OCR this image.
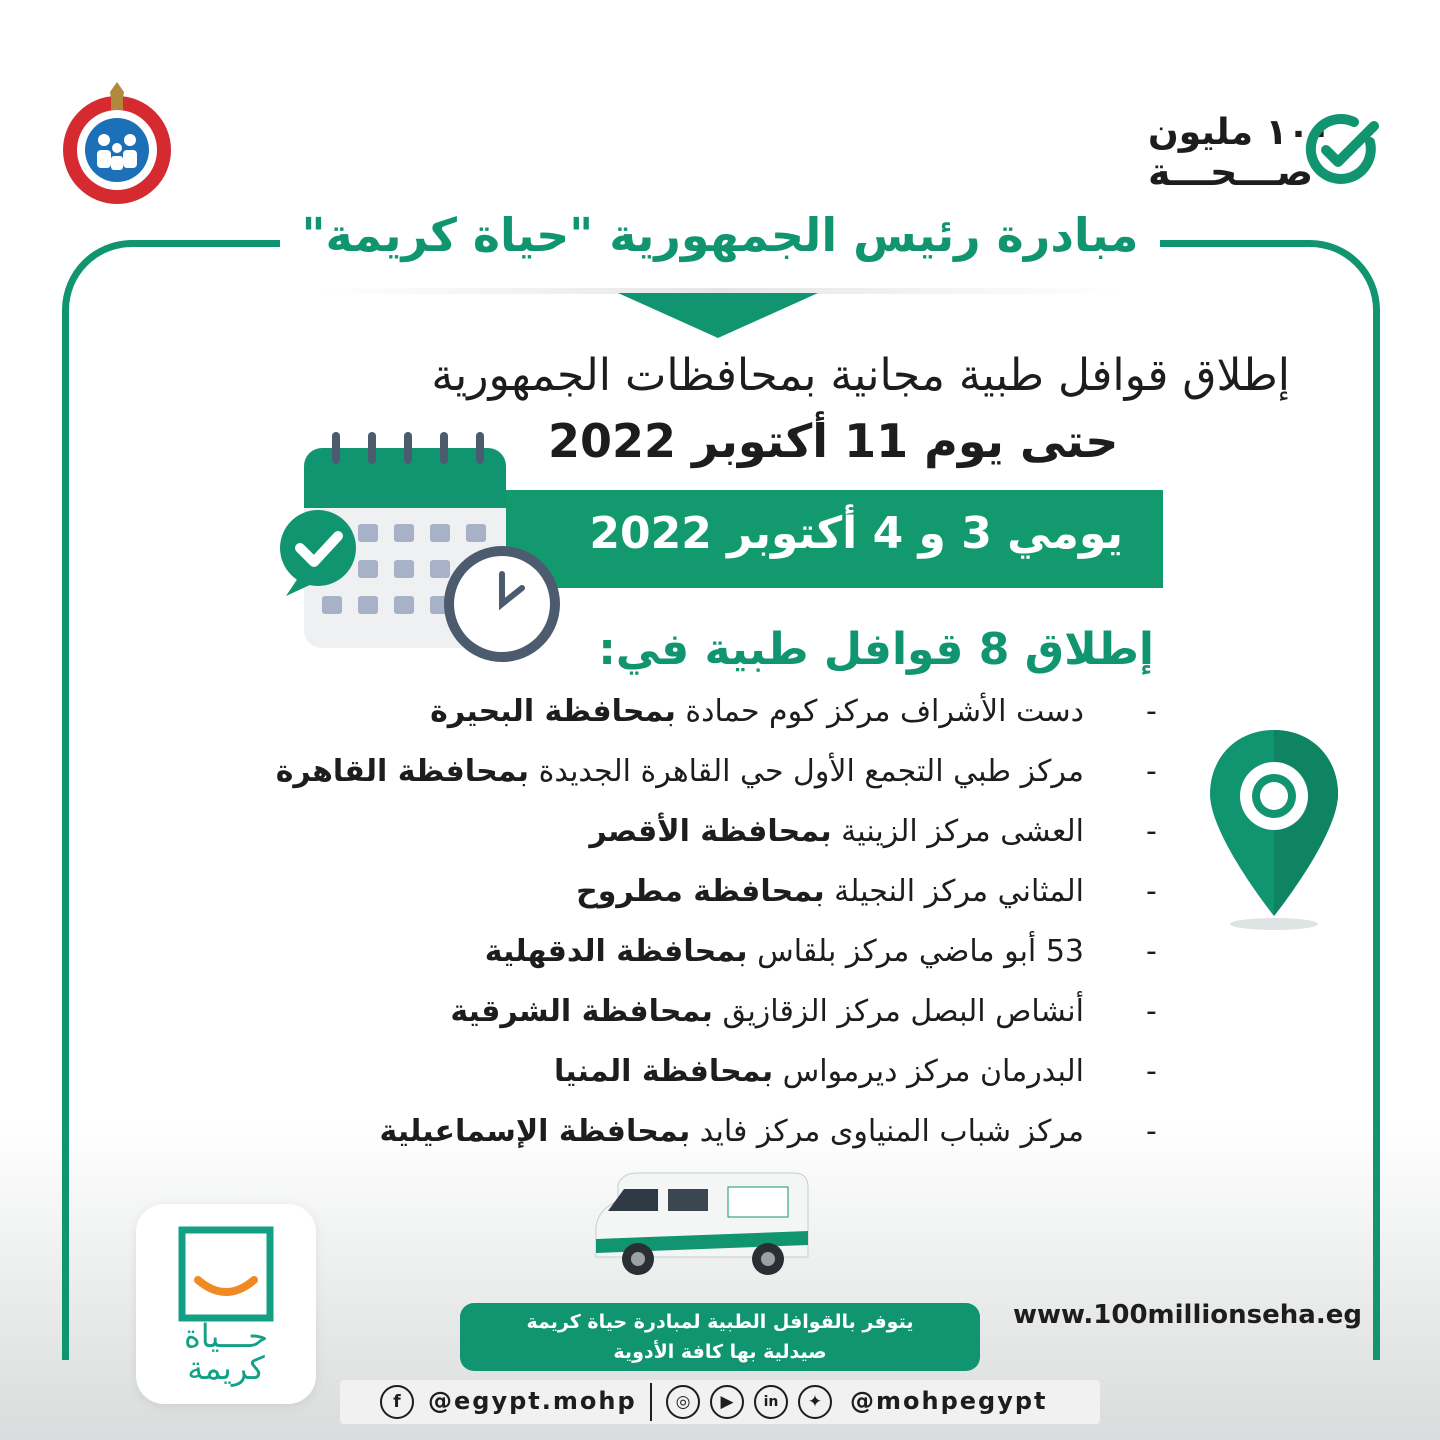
١٠٠ مليون
صـــحـــة
مبادرة رئيس الجمهورية "حياة كريمة"
إطلاق قوافل طبية مجانية بمحافظات الجمهورية
حتى يوم 11 أكتوبر 2022
يومي 3 و 4 أكتوبر 2022
إطلاق 8 قوافل طبية في:
دست الأشراف مركز كوم حمادة بمحافظة البحيرة	-
مركز طبي التجمع الأول حي القاهرة الجديدة بمحافظة القاهرة	-
العشى مركز الزينية بمحافظة الأقصر	-
المثاني مركز النجيلة بمحافظة مطروح	-
53 أبو ماضي مركز بلقاس بمحافظة الدقهلية	-
أنشاص البصل مركز الزقازيق بمحافظة الشرقية	-
البدرمان مركز ديرمواس بمحافظة المنيا	-
مركز شباب المنياوى مركز فايد بمحافظة الإسماعيلية	-
يتوفر بالقوافل الطبية لمبادرة حياة كريمة
صيدلية بها كافة الأدوية
www.100millionseha.eg
f	@egypt.mohp	◎	▶	in	✦	@mohpegypt
حـــياة
كريمة
